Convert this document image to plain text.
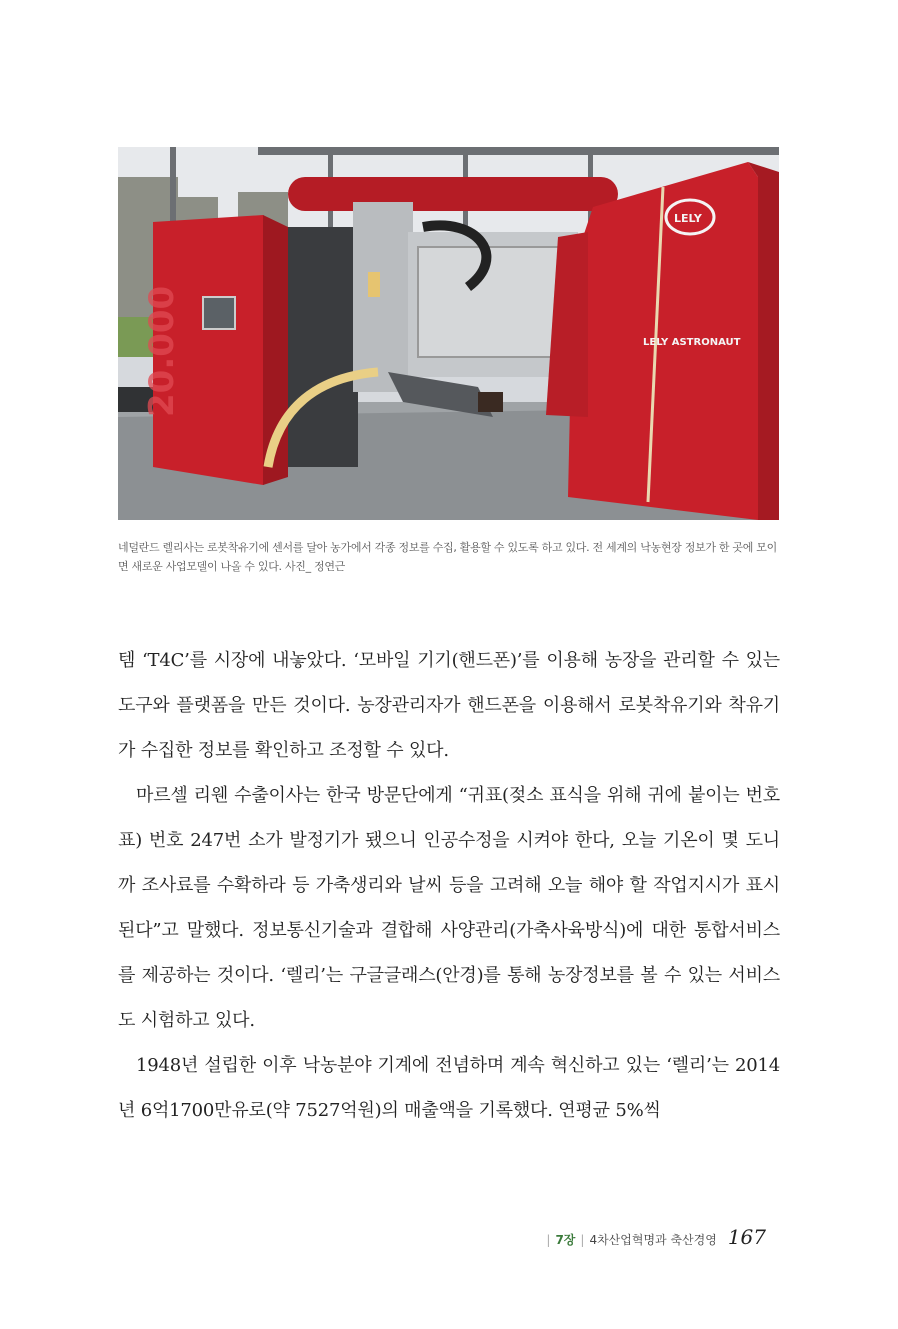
20.000
LELY
LELY ASTRONAUT
네덜란드 렐리사는 로봇착유기에 센서를 달아 농가에서 각종 정보를 수집, 활용할 수 있도록 하고 있다. 전 세계의 낙농현장 정보가 한 곳에 모이면 새로운 사업모델이 나올 수 있다. 사진_ 정연근

템 ‘T4C’를 시장에 내놓았다. ‘모바일 기기(핸드폰)’를 이용해 농장을 관리할 수 있는 도구와 플랫폼을 만든 것이다. 농장관리자가 핸드폰을 이용해서 로봇착유기와 착유기가 수집한 정보를 확인하고 조정할 수 있다.

마르셀 리웬 수출이사는 한국 방문단에게 “귀표(젖소 표식을 위해 귀에 붙이는 번호표) 번호 247번 소가 발정기가 됐으니 인공수정을 시켜야 한다, 오늘 기온이 몇 도니까 조사료를 수확하라 등 가축생리와 날씨 등을 고려해 오늘 해야 할 작업지시가 표시된다”고 말했다. 정보통신기술과 결합해 사양관리(가축사육방식)에 대한 통합서비스를 제공하는 것이다. ‘렐리’는 구글글래스(안경)를 통해 농장정보를 볼 수 있는 서비스도 시험하고 있다.

1948년 설립한 이후 낙농분야 기계에 전념하며 계속 혁신하고 있는 ‘렐리’는 2014년 6억1700만유로(약 7527억원)의 매출액을 기록했다. 연평균 5%씩

| 7장 | 4차산업혁명과 축산경영 167
